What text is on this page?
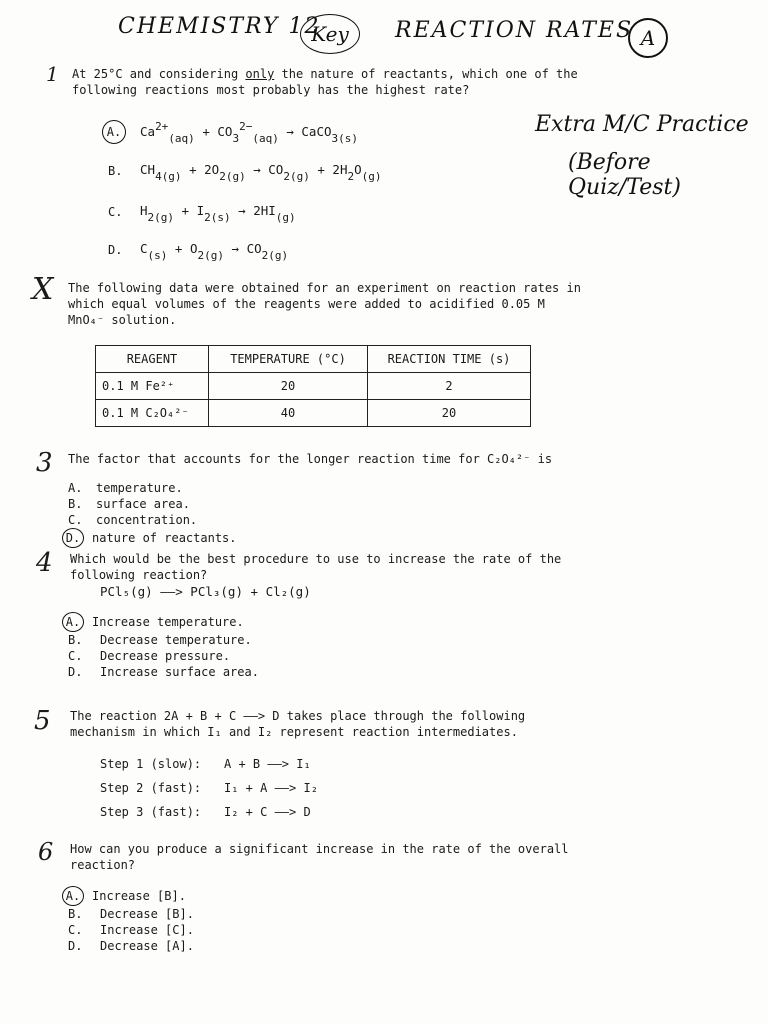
CHEMISTRY 12
Key	REACTION RATES A
Extra M/C Practice
(Before Quiz/Test)
1 At 25°C and considering only the nature of reactants, which one of the
following reactions most probably has the highest rate?
A.	$Ca^{2+}_{(aq)} + CO_3^{2-}_{(aq)}$ → CaCO$_{3(s)}$
B. $CH_{4(g)} + 2O_{2(g)} \to CO_{2(g)} + 2H_2O_{(g)}$
C. $H_{2(g)} + I_{2(s)} \to 2HI_{(g)}$
D. $C_{(s)} + O_{2(g)} \to CO_{2(g)}$
X The following data were obtained for an experiment on reaction rates in
which equal volumes of the reagents were added to acidified 0.05 M
MnO₄⁻ solution.
REAGENT	TEMPERATURE (°C)	REACTION TIME (s)
0.1 M Fe²⁺	20	2
0.1 M C₂O₄²⁻	40	20
3 The factor that accounts for the longer reaction time for C₂O₄²⁻ is
A. temperature.
B. surface area.
C. concentration.
D. nature of reactants.
4 Which would be the best procedure to use to increase the rate of the
following reaction?
PCl₅(g) ——> PCl₃(g) + Cl₂(g)
A. Increase temperature.
B. Decrease temperature.
C. Decrease pressure.
D. Increase surface area.
5 The reaction 2A + B + C ——> D takes place through the following
mechanism in which I₁ and I₂ represent reaction intermediates.
Step 1 (slow): A + B ——> I₁
Step 2 (fast): I₁ + A ——> I₂
Step 3 (fast): I₂ + C ——> D
6 How can you produce a significant increase in the rate of the overall
reaction?
A. Increase [B].
B. Decrease [B].
C. Increase [C].
D. Decrease [A].
